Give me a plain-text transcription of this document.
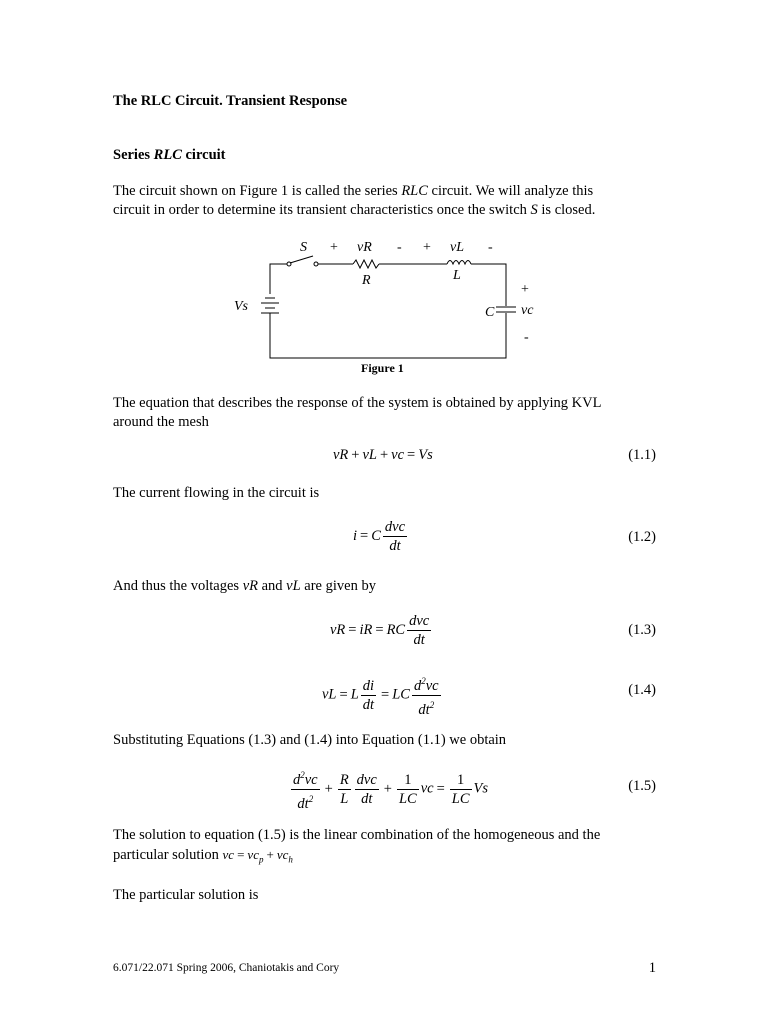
The RLC Circuit. Transient Response
Series RLC circuit
The circuit shown on Figure 1 is called the series RLC circuit. We will analyze this
circuit in order to determine its transient characteristics once the switch S is closed.
S + vR - + vL -
R	L
Vs	C
+
vc
-
Figure 1
The equation that describes the response of the system is obtained by applying KVL
around the mesh
vR + vL + vc = Vs	(1.1)
The current flowing in the circuit is
i = C $\frac{\text{dvc}}{dt}$	(1.2)
And thus the voltages vR and vL are given by
vR = iR = RC $\frac{\text{dvc}}{dt}$	(1.3)
vL = L $\frac{di}{dt}$ = LC $\frac{d^2vc}{dt^2}$	(1.4)
Substituting Equations (1.3) and (1.4) into Equation (1.1) we obtain
$\frac{d^2vc}{dt^2} + \frac{R}{L} \frac{\text{dvc}}{dt} + \frac{1}{LC}$ vc = $\frac{1}{LC}$ Vs	(1.5)
The solution to equation (1.5) is the linear combination of the homogeneous and the
particular solution vc = $vc_p + vc_h$
The particular solution is
6.071/22.071 Spring 2006, Chaniotakis and Cory	1
